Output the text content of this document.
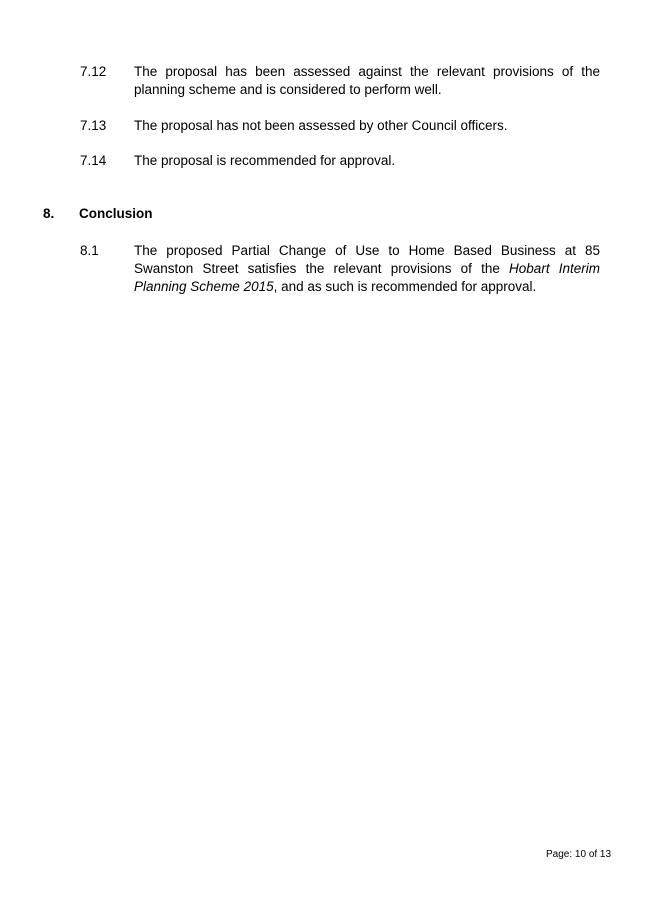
7.12 The proposal has been assessed against the relevant provisions of the planning scheme and is considered to perform well.
7.13 The proposal has not been assessed by other Council officers.
7.14 The proposal is recommended for approval.
8. Conclusion
8.1	The proposed Partial Change of Use to Home Based Business at 85 Swanston Street satisfies the relevant provisions of the Hobart Interim Planning Scheme 2015, and as such is recommended for approval.
Page: 10 of 13
